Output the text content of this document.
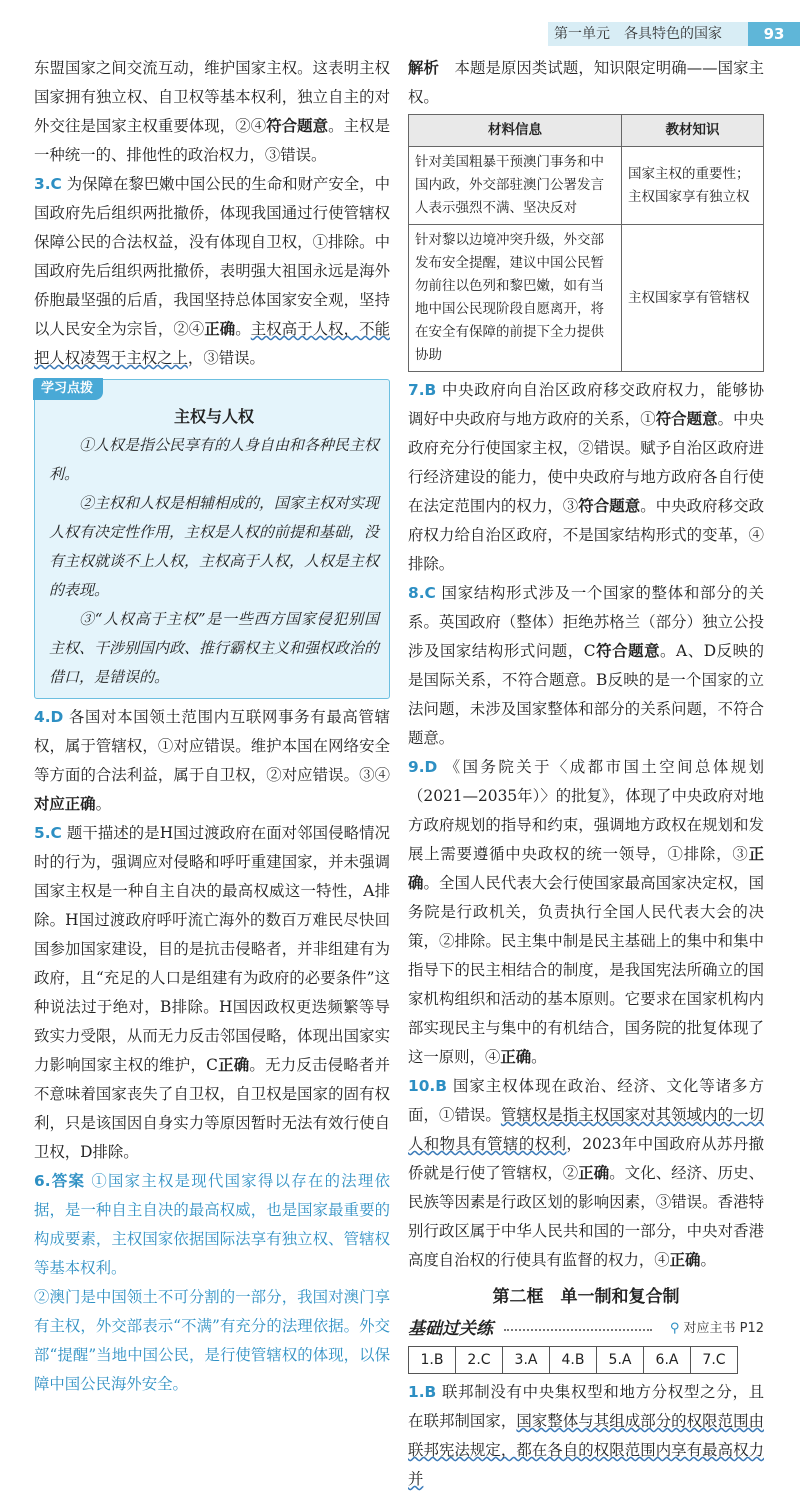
第一单元　各具特色的国家	93

东盟国家之间交流互动，维护国家主权。这表明主权国家拥有独立权、自卫权等基本权利，独立自主的对外交往是国家主权重要体现，②④符合题意。主权是一种统一的、排他性的政治权力，③错误。

3.C 为保障在黎巴嫩中国公民的生命和财产安全，中国政府先后组织两批撤侨，体现我国通过行使管辖权保障公民的合法权益，没有体现自卫权，①排除。中国政府先后组织两批撤侨，表明强大祖国永远是海外侨胞最坚强的后盾，我国坚持总体国家安全观，坚持以人民安全为宗旨，②④正确。主权高于人权，不能把人权凌驾于主权之上，③错误。

学习点拨
主权与人权

①人权是指公民享有的人身自由和各种民主权利。

②主权和人权是相辅相成的，国家主权对实现人权有决定性作用，主权是人权的前提和基础，没有主权就谈不上人权，主权高于人权，人权是主权的表现。

③“人权高于主权”是一些西方国家侵犯别国主权、干涉别国内政、推行霸权主义和强权政治的借口，是错误的。

4.D 各国对本国领土范围内互联网事务有最高管辖权，属于管辖权，①对应错误。维护本国在网络安全等方面的合法利益，属于自卫权，②对应错误。③④对应正确。

5.C 题干描述的是H国过渡政府在面对邻国侵略情况时的行为，强调应对侵略和呼吁重建国家，并未强调国家主权是一种自主自决的最高权威这一特性，A排除。H国过渡政府呼吁流亡海外的数百万难民尽快回国参加国家建设，目的是抗击侵略者，并非组建有为政府，且“充足的人口是组建有为政府的必要条件”这种说法过于绝对，B排除。H国因政权更迭频繁等导致实力受限，从而无力反击邻国侵略，体现出国家实力影响国家主权的维护，C正确。无力反击侵略者并不意味着国家丧失了自卫权，自卫权是国家的固有权利，只是该国因自身实力等原因暂时无法有效行使自卫权，D排除。

6.答案 ①国家主权是现代国家得以存在的法理依据，是一种自主自决的最高权威，也是国家最重要的构成要素，主权国家依据国际法享有独立权、管辖权等基本权利。

②澳门是中国领土不可分割的一部分，我国对澳门享有主权，外交部表示“不满”有充分的法理依据。外交部“提醒”当地中国公民，是行使管辖权的体现，以保障中国公民海外安全。

解析　 本题是原因类试题，知识限定明确——国家主权。

材料信息	教材知识
针对美国粗暴干预澳门事务和中国内政，外交部驻澳门公署发言人表示强烈不满、坚决反对	国家主权的重要性；主权国家享有独立权
针对黎以边境冲突升级，外交部发布安全提醒，建议中国公民暂勿前往以色列和黎巴嫩，如有当地中国公民现阶段自愿离开，将在安全有保障的前提下全力提供协助	主权国家享有管辖权

7.B 中央政府向自治区政府移交政府权力，能够协调好中央政府与地方政府的关系，①符合题意。中央政府充分行使国家主权，②错误。赋予自治区政府进行经济建设的能力，使中央政府与地方政府各自行使在法定范围内的权力，③符合题意。中央政府移交政府权力给自治区政府，不是国家结构形式的变革，④排除。

8.C 国家结构形式涉及一个国家的整体和部分的关系。英国政府（整体）拒绝苏格兰（部分）独立公投涉及国家结构形式问题，C符合题意。A、D反映的是国际关系，不符合题意。B反映的是一个国家的立法问题，未涉及国家整体和部分的关系问题，不符合题意。

9.D 《国务院关于〈成都市国土空间总体规划（2021—2035年）〉的批复》，体现了中央政府对地方政府规划的指导和约束，强调地方政权在规划和发展上需要遵循中央政权的统一领导，①排除，③正确。全国人民代表大会行使国家最高国家决定权，国务院是行政机关，负责执行全国人民代表大会的决策，②排除。民主集中制是民主基础上的集中和集中指导下的民主相结合的制度，是我国宪法所确立的国家机构组织和活动的基本原则。它要求在国家机构内部实现民主与集中的有机结合，国务院的批复体现了这一原则，④正确。

10.B 国家主权体现在政治、经济、文化等诸多方面，①错误。管辖权是指主权国家对其领域内的一切人和物具有管辖的权利，2023年中国政府从苏丹撤侨就是行使了管辖权，②正确。文化、经济、历史、民族等因素是行政区划的影响因素，③错误。香港特别行政区属于中华人民共和国的一部分，中央对香港高度自治权的行使具有监督的权力，④正确。

第二框　单一制和复合制
基础过关练	⚲ 对应主书 P12
1.B	2.C	3.A	4.B	5.A	6.A	7.C

1.B 联邦制没有中央集权型和地方分权型之分，且在联邦制国家，国家整体与其组成部分的权限范围由联邦宪法规定，都在各自的权限范围内享有最高权力并
